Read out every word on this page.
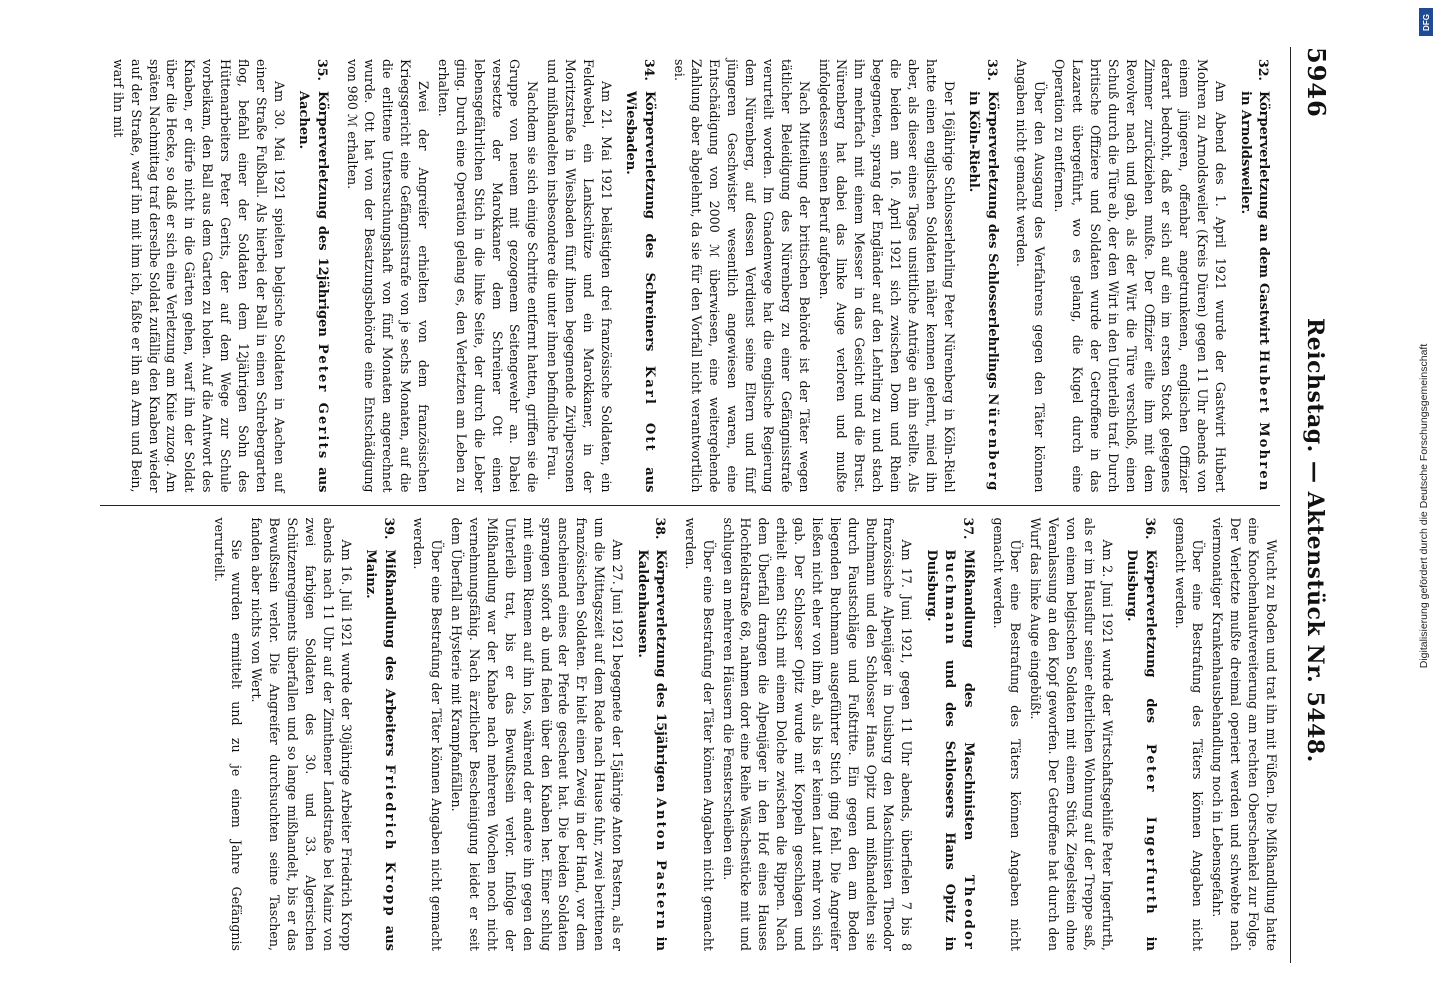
5946
Reichstag. — Aktenstück Nr. 5448.
32.
Körperverletzung an dem Gastwirt Hubert Mohren in Arnoldsweiler.

Am Abend des 1. April 1921 wurde der Gastwirt Hubert Mohren zu Arnoldsweiler (Kreis Düren) gegen 11 Uhr abends von einem jüngeren, offenbar angetrunkenen, englischen Offizier derart bedroht, daß er sich auf ein im ersten Stock gelegenes Zimmer zurückziehen mußte. Der Offizier eilte ihm mit dem Revolver nach und gab, als der Wirt die Türe verschloß, einen Schuß durch die Türe ab, der den Wirt in den Unterleib traf. Durch britische Offiziere und Soldaten wurde der Getroffene in das Lazarett übergeführt, wo es gelang, die Kugel durch eine Operation zu entfernen.

Über den Ausgang des Verfahrens gegen den Täter können Angaben nicht gemacht werden.

33.
Körperverletzung des Schlosserlehrlings Nürenberg in Köln-Riehl.

Der 16jährige Schlosserlehrling Peter Nürenberg in Köln-Riehl hatte einen englischen Soldaten näher kennen gelernt, mied ihn aber, als dieser eines Tages unsittliche Anträge an ihn stellte. Als die beiden am 16. April 1921 sich zwischen Dom und Rhein begegneten, sprang der Engländer auf den Lehrling zu und stach ihn mehrfach mit einem Messer in das Gesicht und die Brust. Nürenberg hat dabei das linke Auge verloren und mußte infolgedessen seinen Beruf aufgeben.

Nach Mitteilung der britischen Behörde ist der Täter wegen tätlicher Beleidigung des Nürenberg zu einer Gefängnisstrafe verurteilt worden. Im Gnadenwege hat die englische Regierung dem Nürenberg, auf dessen Verdienst seine Eltern und fünf jüngeren Geschwister wesentlich angewiesen waren, eine Entschädigung von 2000 ℳ überwiesen, eine weitergehende Zahlung aber abgelehnt, da sie für den Vorfall nicht verantwortlich sei.

34.
Körperverletzung des Schreiners Karl Ott aus Wiesbaden.

Am 21. Mai 1921 belästigten drei französische Soldaten, ein Feldwebel, ein Lankschütze und ein Marokkaner, in der Moritzstraße in Wiesbaden fünf ihnen begegnende Zivilpersonen und mißhandelten insbesondere die unter ihnen befindliche Frau.

Nachdem sie sich einige Schritte entfernt hatten, griffen sie die Gruppe von neuem mit gezogenem Seitengewehr an. Dabei versetzte der Marokkaner dem Schreiner Ott einen lebensgefährlichen Stich in die linke Seite, der durch die Leber ging. Durch eine Operation gelang es, den Verletzten am Leben zu erhalten.

Zwei der Angreifer erhielten von dem französischen Kriegsgericht eine Gefängnisstrafe von je sechs Monaten, auf die die erlittene Untersuchungshaft von fünf Monaten angerechnet wurde. Ott hat von der Besatzungsbehörde eine Entschädigung von 980 ℳ erhalten.

35.
Körperverletzung des 12jährigen Peter Gerits aus Aachen.

Am 30. Mai 1921 spielten belgische Soldaten in Aachen auf einer Straße Fußball. Als hierbei der Ball in einen Schrebergarten flog, befahl einer der Soldaten dem 12jährigen Sohn des Hüttenarbeiters Peter Gerits, der auf dem Wege zur Schule vorbeikam, den Ball aus dem Garten zu holen. Auf die Antwort des Knaben, er dürfe nicht in die Gärten gehen, warf ihn der Soldat über die Hecke, so daß er sich eine Verletzung am Knie zuzog. Am späten Nachmittag traf derselbe Soldat zufällig den Knaben wieder auf der Straße, warf ihn mit ihm ich, faßte er ihn an Arm und Bein, warf ihn mit

Wucht zu Boden und trat ihn mit Füßen. Die Mißhandlung hatte eine Knochenhautvereiterung am rechten Oberschenkel zur Folge. Der Verletzte mußte dreimal operiert werden und schwebte nach viermonatiger Krankenhausbehandlung noch in Lebensgefahr.

Über eine Bestrafung des Täters können Angaben nicht gemacht werden.

36.
Körperverletzung des Peter Ingerfurth in Duisburg.

Am 2. Juni 1921 wurde der Wirtschaftsgehilfe Peter Ingerfurth, als er im Hausflur seiner elterlichen Wohnung auf der Treppe saß, von einem belgischen Soldaten mit einem Stück Ziegelstein ohne Veranlassung an den Kopf geworfen. Der Getroffene hat durch den Wurf das linke Auge eingebüßt.

Über eine Bestrafung des Täters können Angaben nicht gemacht werden.

37.
Mißhandlung des Maschinisten Theodor Buchmann und des Schlossers Hans Opitz in Duisburg.

Am 17. Juni 1921, gegen 11 Uhr abends, überfielen 7 bis 8 französische Alpenjäger in Duisburg den Maschinisten Theodor Buchmann und den Schlosser Hans Opitz und mißhandelten sie durch Faustschläge und Fußtritte. Ein gegen den am Boden liegenden Buchmann ausgeführter Stich ging fehl. Die Angreifer ließen nicht eher von ihm ab, als bis er keinen Laut mehr von sich gab. Der Schlosser Opitz wurde mit Koppeln geschlagen und erhielt einen Stich mit einem Dolche zwischen die Rippen. Nach dem Überfall drangen die Alpenjäger in den Hof eines Hauses Hochfeldstraße 68, nahmen dort eine Reihe Wäschestücke mit und schlugen an mehreren Häusern die Fensterscheiben ein.

Über eine Bestrafung der Täter können Angaben nicht gemacht werden.

38.
Körperverletzung des 15jährigen Anton Pastern in Kaldenhausen.

Am 27. Juni 1921 begegnete der 15jährige Anton Pastern, als er um die Mittagszeit auf dem Rade nach Hause fuhr, zwei berittenen französischen Soldaten. Er hielt einen Zweig in der Hand, vor dem anscheinend eines der Pferde gescheut hat. Die beiden Soldaten sprangen sofort ab und fielen über den Knaben her. Einer schlug mit einem Riemen auf ihn los, während der andere ihn gegen den Unterleib trat, bis er das Bewußtsein verlor. Infolge der Mißhandlung war der Knabe nach mehreren Wochen noch nicht vernehmungsfähig. Nach ärztlicher Bescheinigung leidet er seit dem Überfall an Hysterie mit Krampfanfällen.

Über eine Bestrafung der Täter können Angaben nicht gemacht werden.

39.
Mißhandlung des Arbeiters Friedrich Kropp aus Mainz.

Am 16. Juli 1921 wurde der 30jährige Arbeiter Friedrich Kropp abends nach 11 Uhr auf der Zimthener Landstraße bei Mainz von zwei farbigen Soldaten des 30. und 33. Algerischen Schützenregiments überfallen und so lange mißhandelt, bis er das Bewußtsein verlor. Die Angreifer durchsuchten seine Taschen, fanden aber nichts von Wert.

Sie wurden ermittelt und zu je einem Jahre Gefängnis verurteilt.	Digitalisierung gefördert durch die Deutsche Forschungsgemeinschaft
DFG
